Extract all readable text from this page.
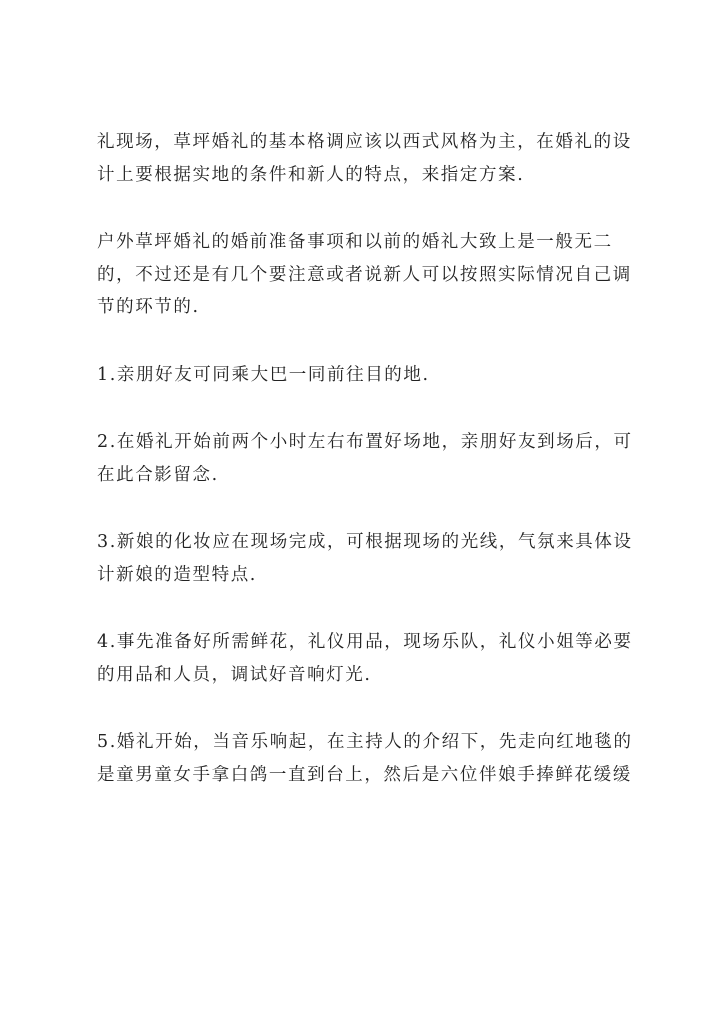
礼现场，草坪婚礼的基本格调应该以西式风格为主，在婚礼的设
计上要根据实地的条件和新人的特点，来指定方案.

户外草坪婚礼的婚前准备事项和以前的婚礼大致上是一般无二
的，不过还是有几个要注意或者说新人可以按照实际情况自己调
节的环节的.

1.亲朋好友可同乘大巴一同前往目的地.

2.在婚礼开始前两个小时左右布置好场地，亲朋好友到场后，可
在此合影留念.

3.新娘的化妆应在现场完成，可根据现场的光线，气氛来具体设
计新娘的造型特点.

4.事先准备好所需鲜花，礼仪用品，现场乐队，礼仪小姐等必要
的用品和人员，调试好音响灯光.

5.婚礼开始，当音乐响起，在主持人的介绍下，先走向红地毯的
是童男童女手拿白鸽一直到台上，然后是六位伴娘手捧鲜花缓缓
